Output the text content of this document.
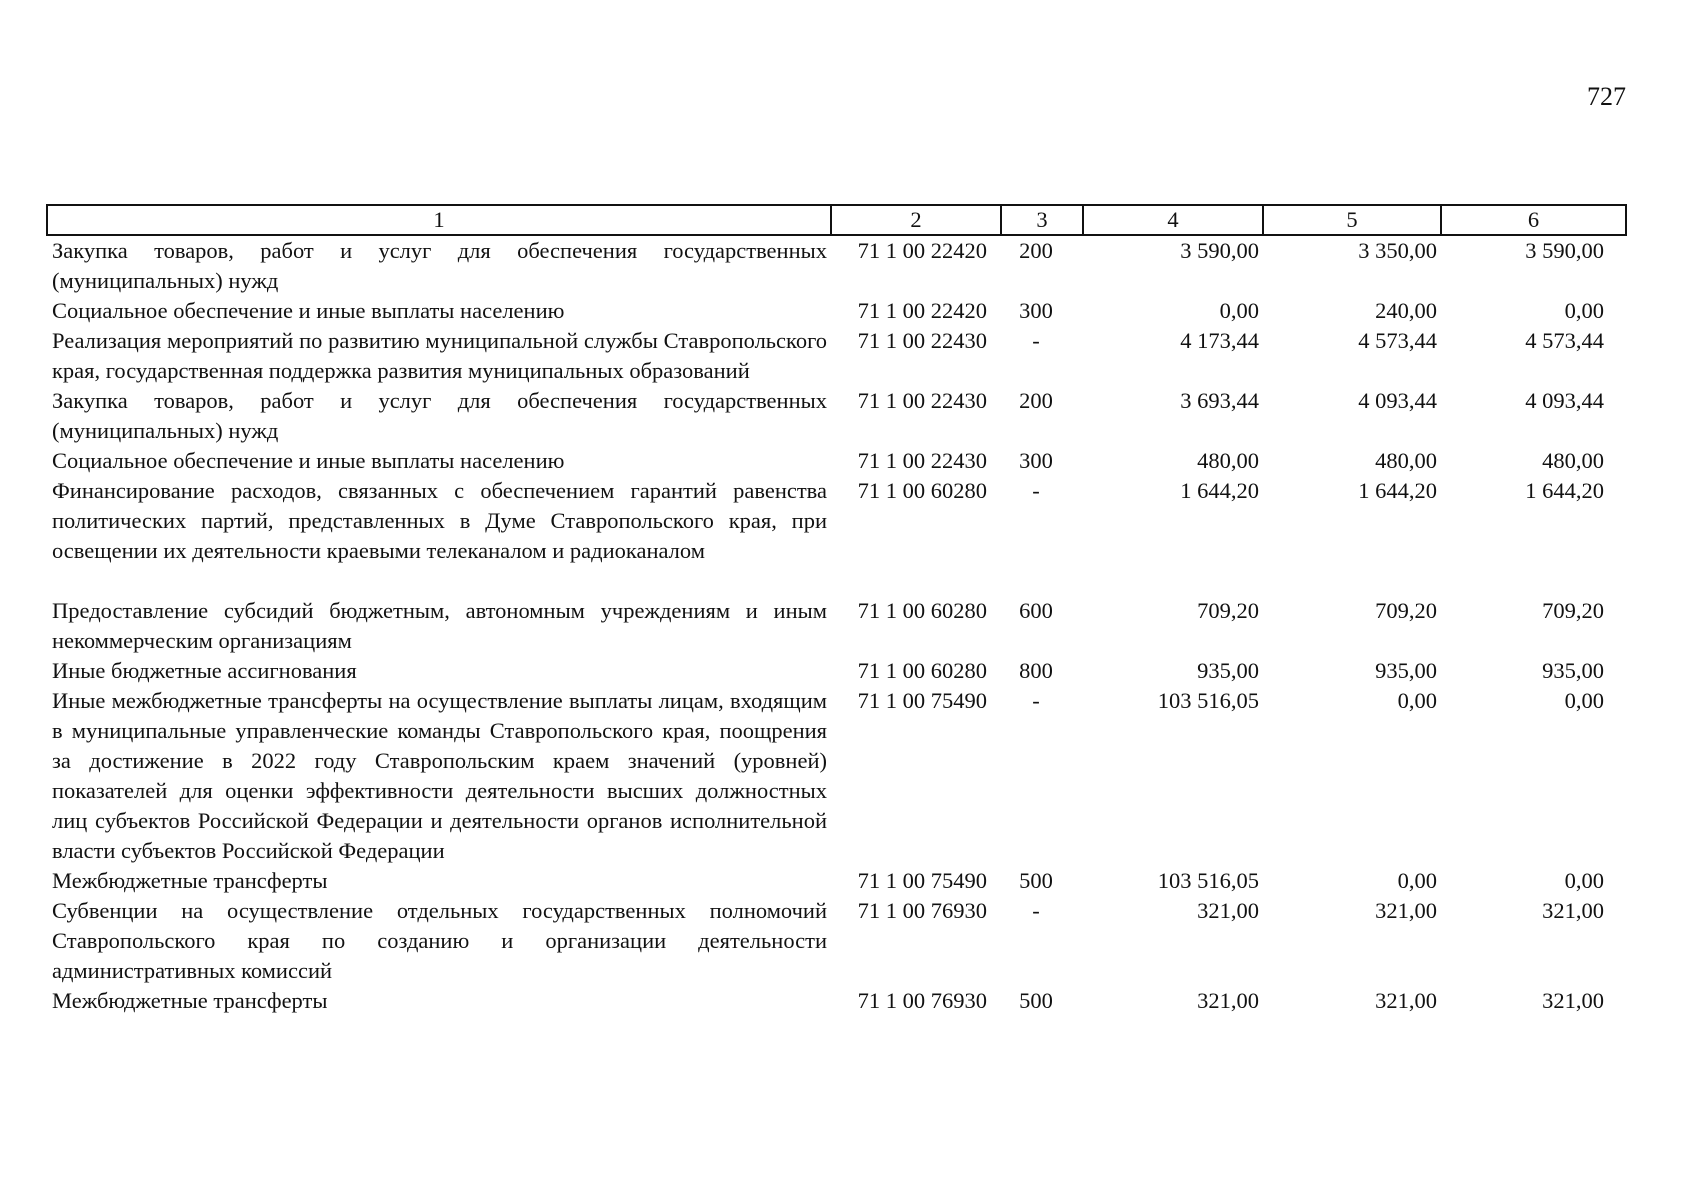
727
1	2	3	4	5	6
Закупка товаров, работ и услуг для обеспечения государственных (муниципальных) нужд	71 1 00 22420	200	3 590,00	3 350,00	3 590,00
Социальное обеспечение и иные выплаты населению	71 1 00 22420	300	0,00	240,00	0,00
Реализация мероприятий по развитию муниципальной службы Ставропольского края, государственная поддержка развития муниципальных образований	71 1 00 22430	-	4 173,44	4 573,44	4 573,44
Закупка товаров, работ и услуг для обеспечения государственных (муниципальных) нужд	71 1 00 22430	200	3 693,44	4 093,44	4 093,44
Социальное обеспечение и иные выплаты населению	71 1 00 22430	300	480,00	480,00	480,00
Финансирование расходов, связанных с обеспечением гарантий равенства политических партий, представленных в Думе Ставропольского края, при освещении их деятельности краевыми телеканалом и радиоканалом	71 1 00 60280	-	1 644,20	1 644,20	1 644,20
Предоставление субсидий бюджетным, автономным учреждениям и иным некоммерческим организациям	71 1 00 60280	600	709,20	709,20	709,20
Иные бюджетные ассигнования	71 1 00 60280	800	935,00	935,00	935,00
Иные межбюджетные трансферты на осуществление выплаты лицам, входящим в муниципальные управленческие команды Ставропольского края, поощрения за достижение в 2022 году Ставропольским краем значений (уровней) показателей для оценки эффективности деятельности высших должностных лиц субъектов Российской Федерации и деятельности органов исполнительной власти субъектов Российской Федерации	71 1 00 75490	-	103 516,05	0,00	0,00
Межбюджетные трансферты	71 1 00 75490	500	103 516,05	0,00	0,00
Субвенции на осуществление отдельных государственных полномочий Ставропольского края по созданию и организации деятельности административных комиссий	71 1 00 76930	-	321,00	321,00	321,00
Межбюджетные трансферты	71 1 00 76930	500	321,00	321,00	321,00
